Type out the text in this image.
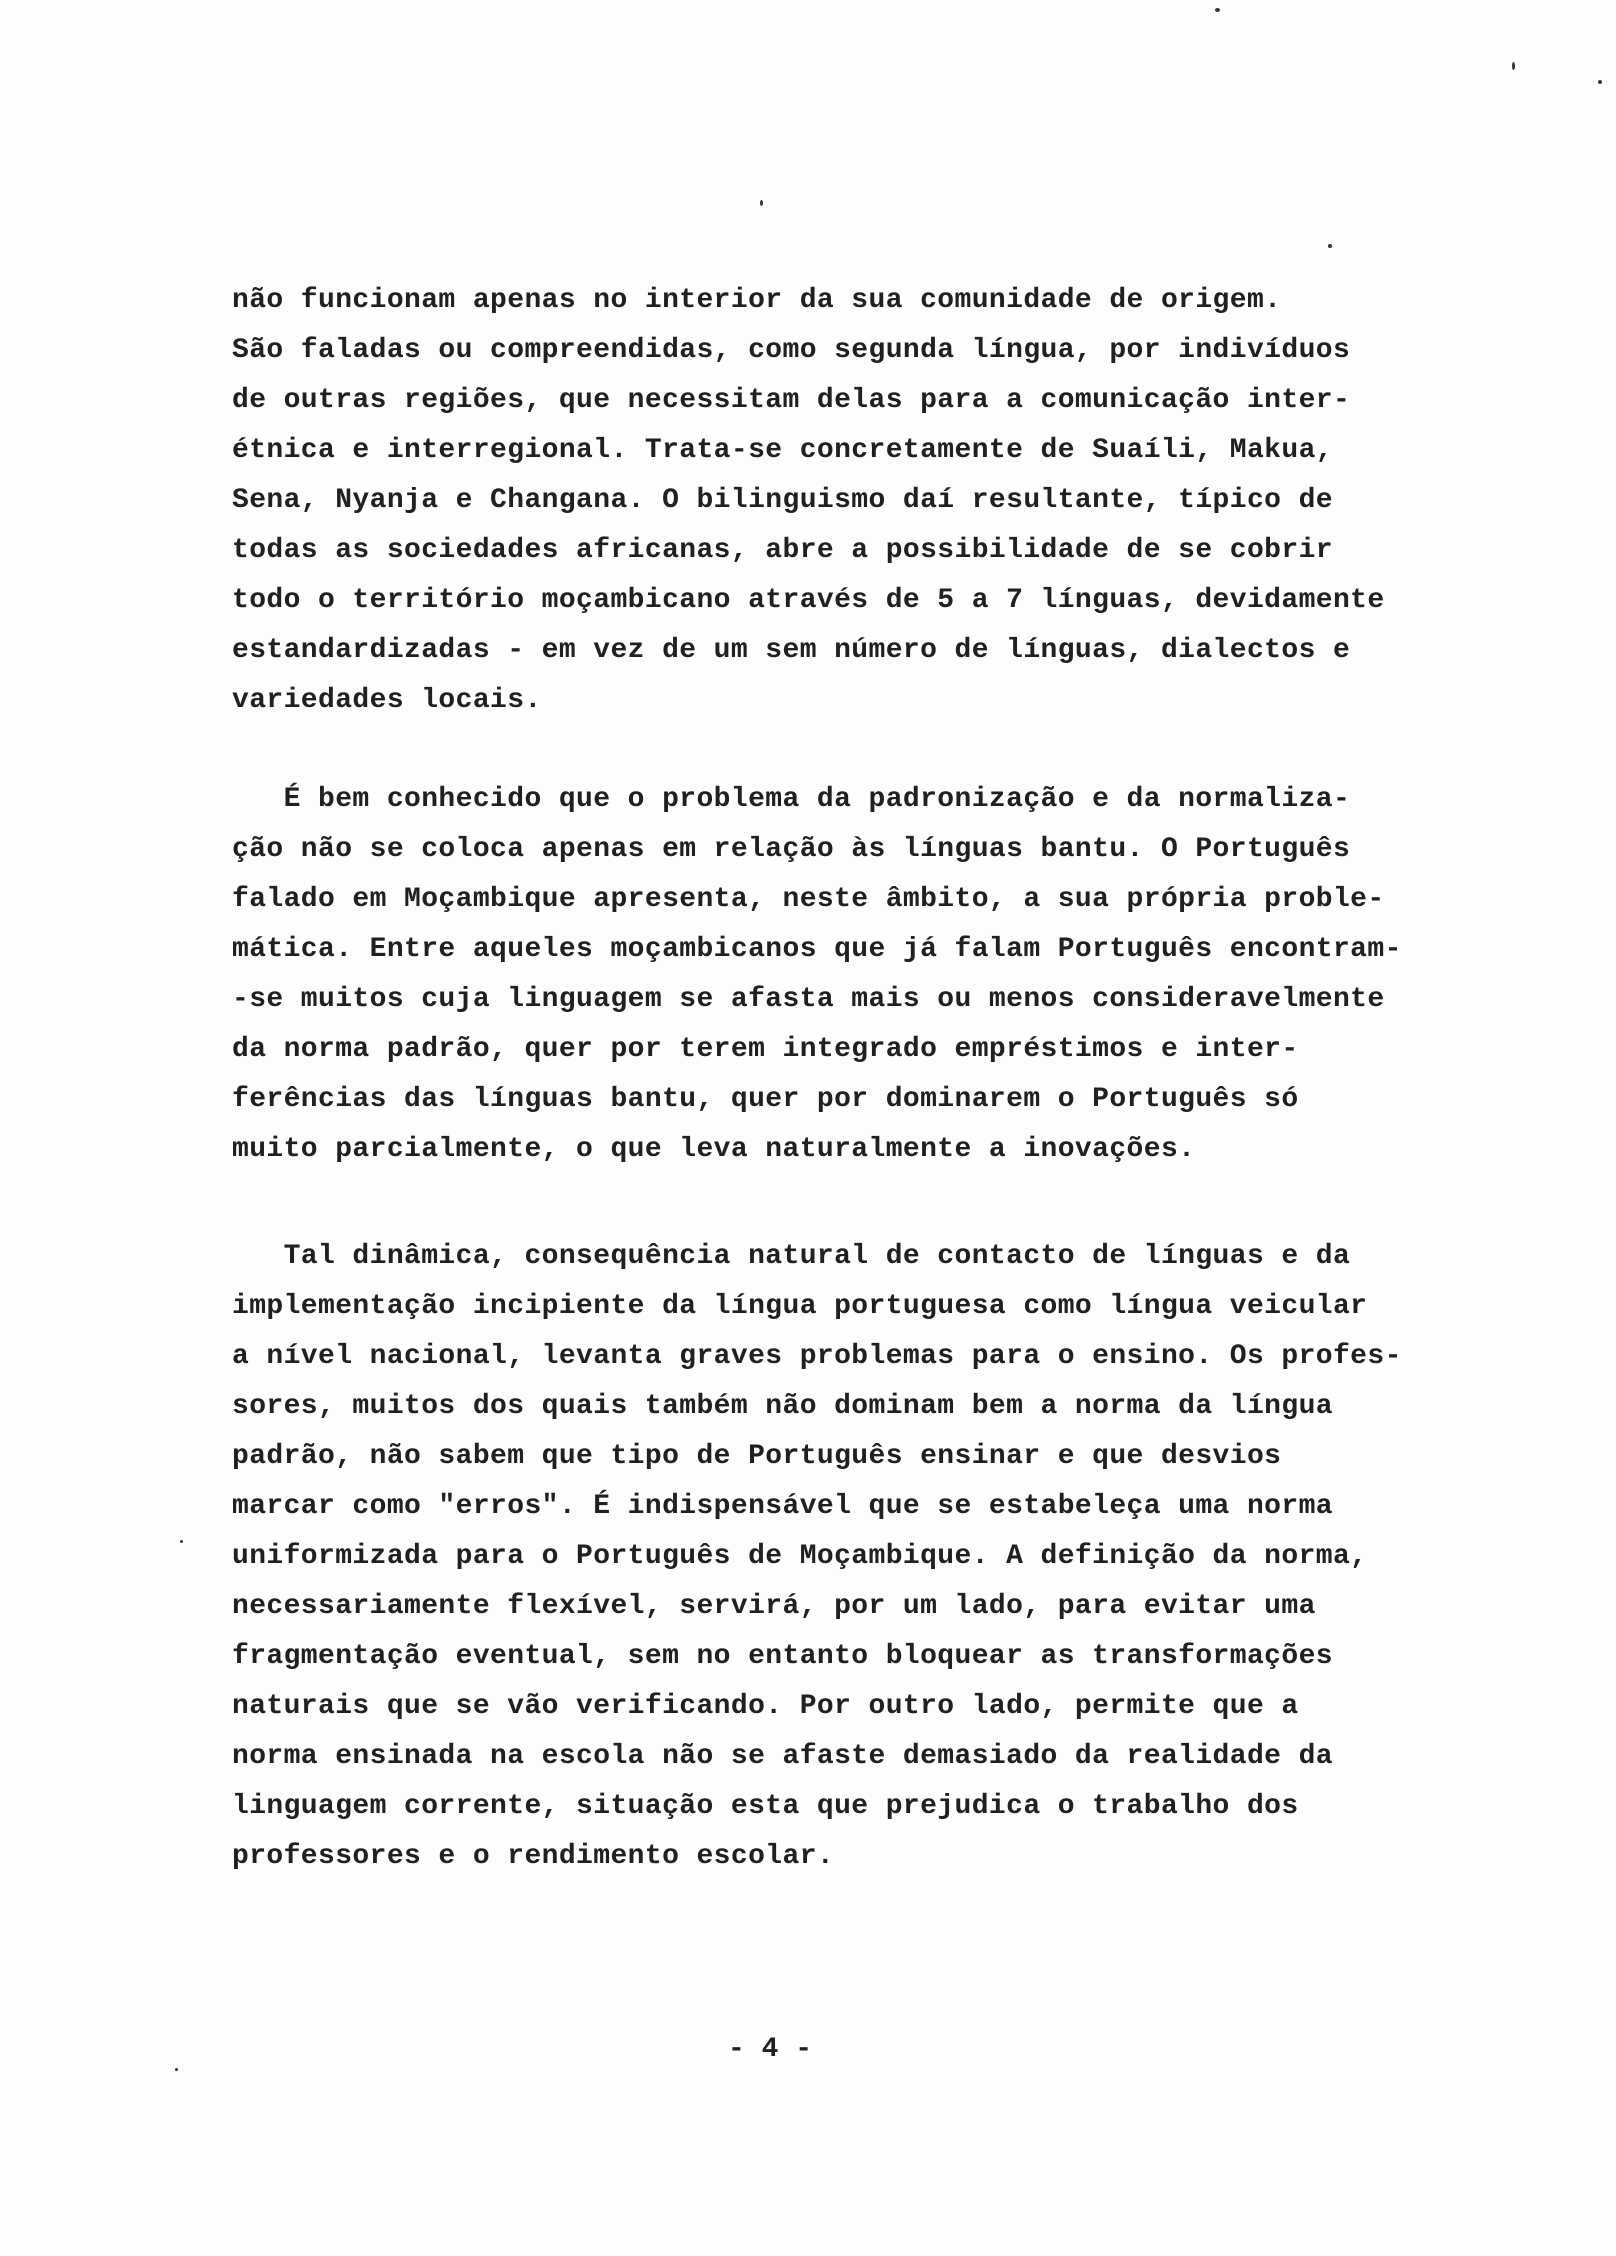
não funcionam apenas no interior da sua comunidade de origem.
São faladas ou compreendidas, como segunda língua, por indivíduos
de outras regiões, que necessitam delas para a comunicação inter-
étnica e interregional. Trata-se concretamente de Suaíli, Makua,
Sena, Nyanja e Changana. O bilinguismo daí resultante, típico de
todas as sociedades africanas, abre a possibilidade de se cobrir
todo o território moçambicano através de 5 a 7 línguas, devidamente
estandardizadas - em vez de um sem número de línguas, dialectos e
variedades locais.
É bem conhecido que o problema da padronização e da normaliza-
ção não se coloca apenas em relação às línguas bantu. O Português
falado em Moçambique apresenta, neste âmbito, a sua própria proble-
mática. Entre aqueles moçambicanos que já falam Português encontram-
-se muitos cuja linguagem se afasta mais ou menos consideravelmente
da norma padrão, quer por terem integrado empréstimos e inter-
ferências das línguas bantu, quer por dominarem o Português só
muito parcialmente, o que leva naturalmente a inovações.
Tal dinâmica, consequência natural de contacto de línguas e da
implementação incipiente da língua portuguesa como língua veicular
a nível nacional, levanta graves problemas para o ensino. Os profes-
sores, muitos dos quais também não dominam bem a norma da língua
padrão, não sabem que tipo de Português ensinar e que desvios
marcar como "erros". É indispensável que se estabeleça uma norma
uniformizada para o Português de Moçambique. A definição da norma,
necessariamente flexível, servirá, por um lado, para evitar uma
fragmentação eventual, sem no entanto bloquear as transformações
naturais que se vão verificando. Por outro lado, permite que a
norma ensinada na escola não se afaste demasiado da realidade da
linguagem corrente, situação esta que prejudica o trabalho dos
professores e o rendimento escolar.
- 4 -
